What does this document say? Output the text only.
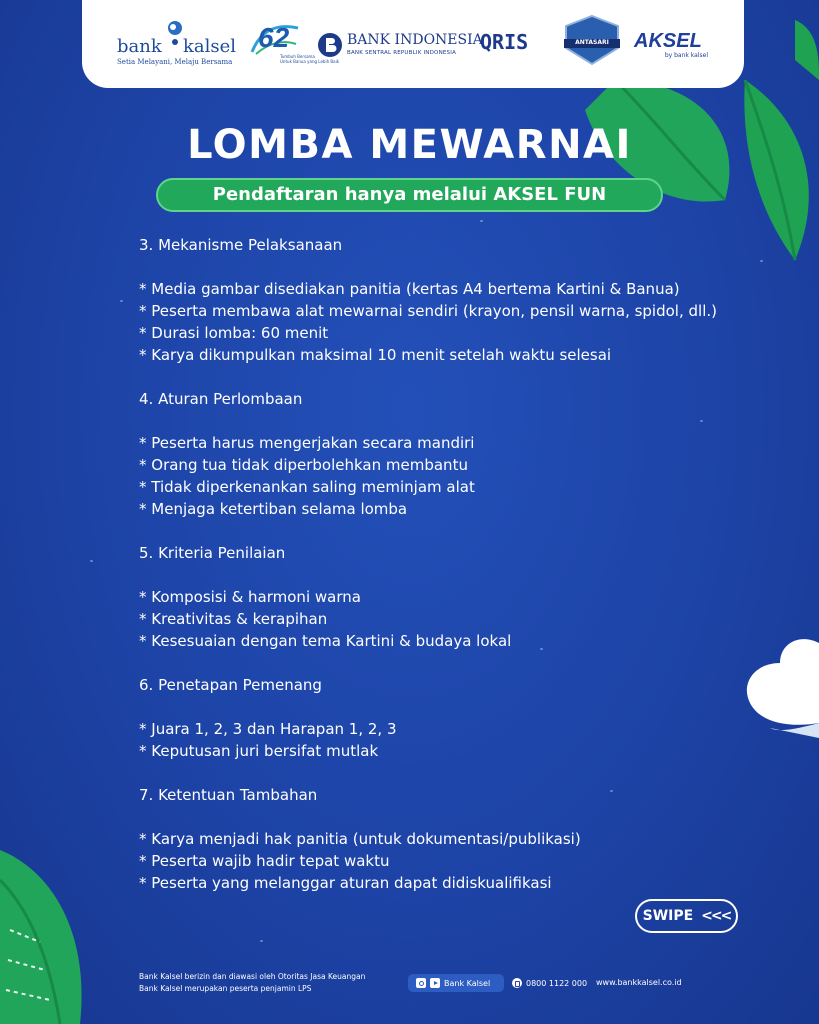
bank kalsel
Setia Melayani, Melaju Bersama
62
Tumbuh Bersama
Untuk Banua yang Lebih Baik
BANK INDONESIA
BANK SENTRAL REPUBLIK INDONESIA QRIS	ANTASARI	AKSEL
by bank kalsel
LOMBA MEWARNAI
Pendaftaran hanya melalui AKSEL FUN
3. Mekanisme Pelaksanaan
* Media gambar disediakan panitia (kertas A4 bertema Kartini & Banua)
* Peserta membawa alat mewarnai sendiri (krayon, pensil warna, spidol, dll.)
* Durasi lomba: 60 menit
* Karya dikumpulkan maksimal 10 menit setelah waktu selesai
4. Aturan Perlombaan
* Peserta harus mengerjakan secara mandiri
* Orang tua tidak diperbolehkan membantu
* Tidak diperkenankan saling meminjam alat
* Menjaga ketertiban selama lomba
5. Kriteria Penilaian
* Komposisi & harmoni warna
* Kreativitas & kerapihan
* Kesesuaian dengan tema Kartini & budaya lokal
6. Penetapan Pemenang
* Juara 1, 2, 3 dan Harapan 1, 2, 3
* Keputusan juri bersifat mutlak
7. Ketentuan Tambahan
* Karya menjadi hak panitia (untuk dokumentasi/publikasi)
* Peserta wajib hadir tepat waktu
* Peserta yang melanggar aturan dapat didiskualifikasi
SWIPE <<<
Bank Kalsel berizin dan diawasi oleh Otoritas Jasa Keuangan
Bank Kalsel merupakan peserta penjamin LPS
Bank Kalsel	0800 1122 000 www.bankkalsel.co.id
